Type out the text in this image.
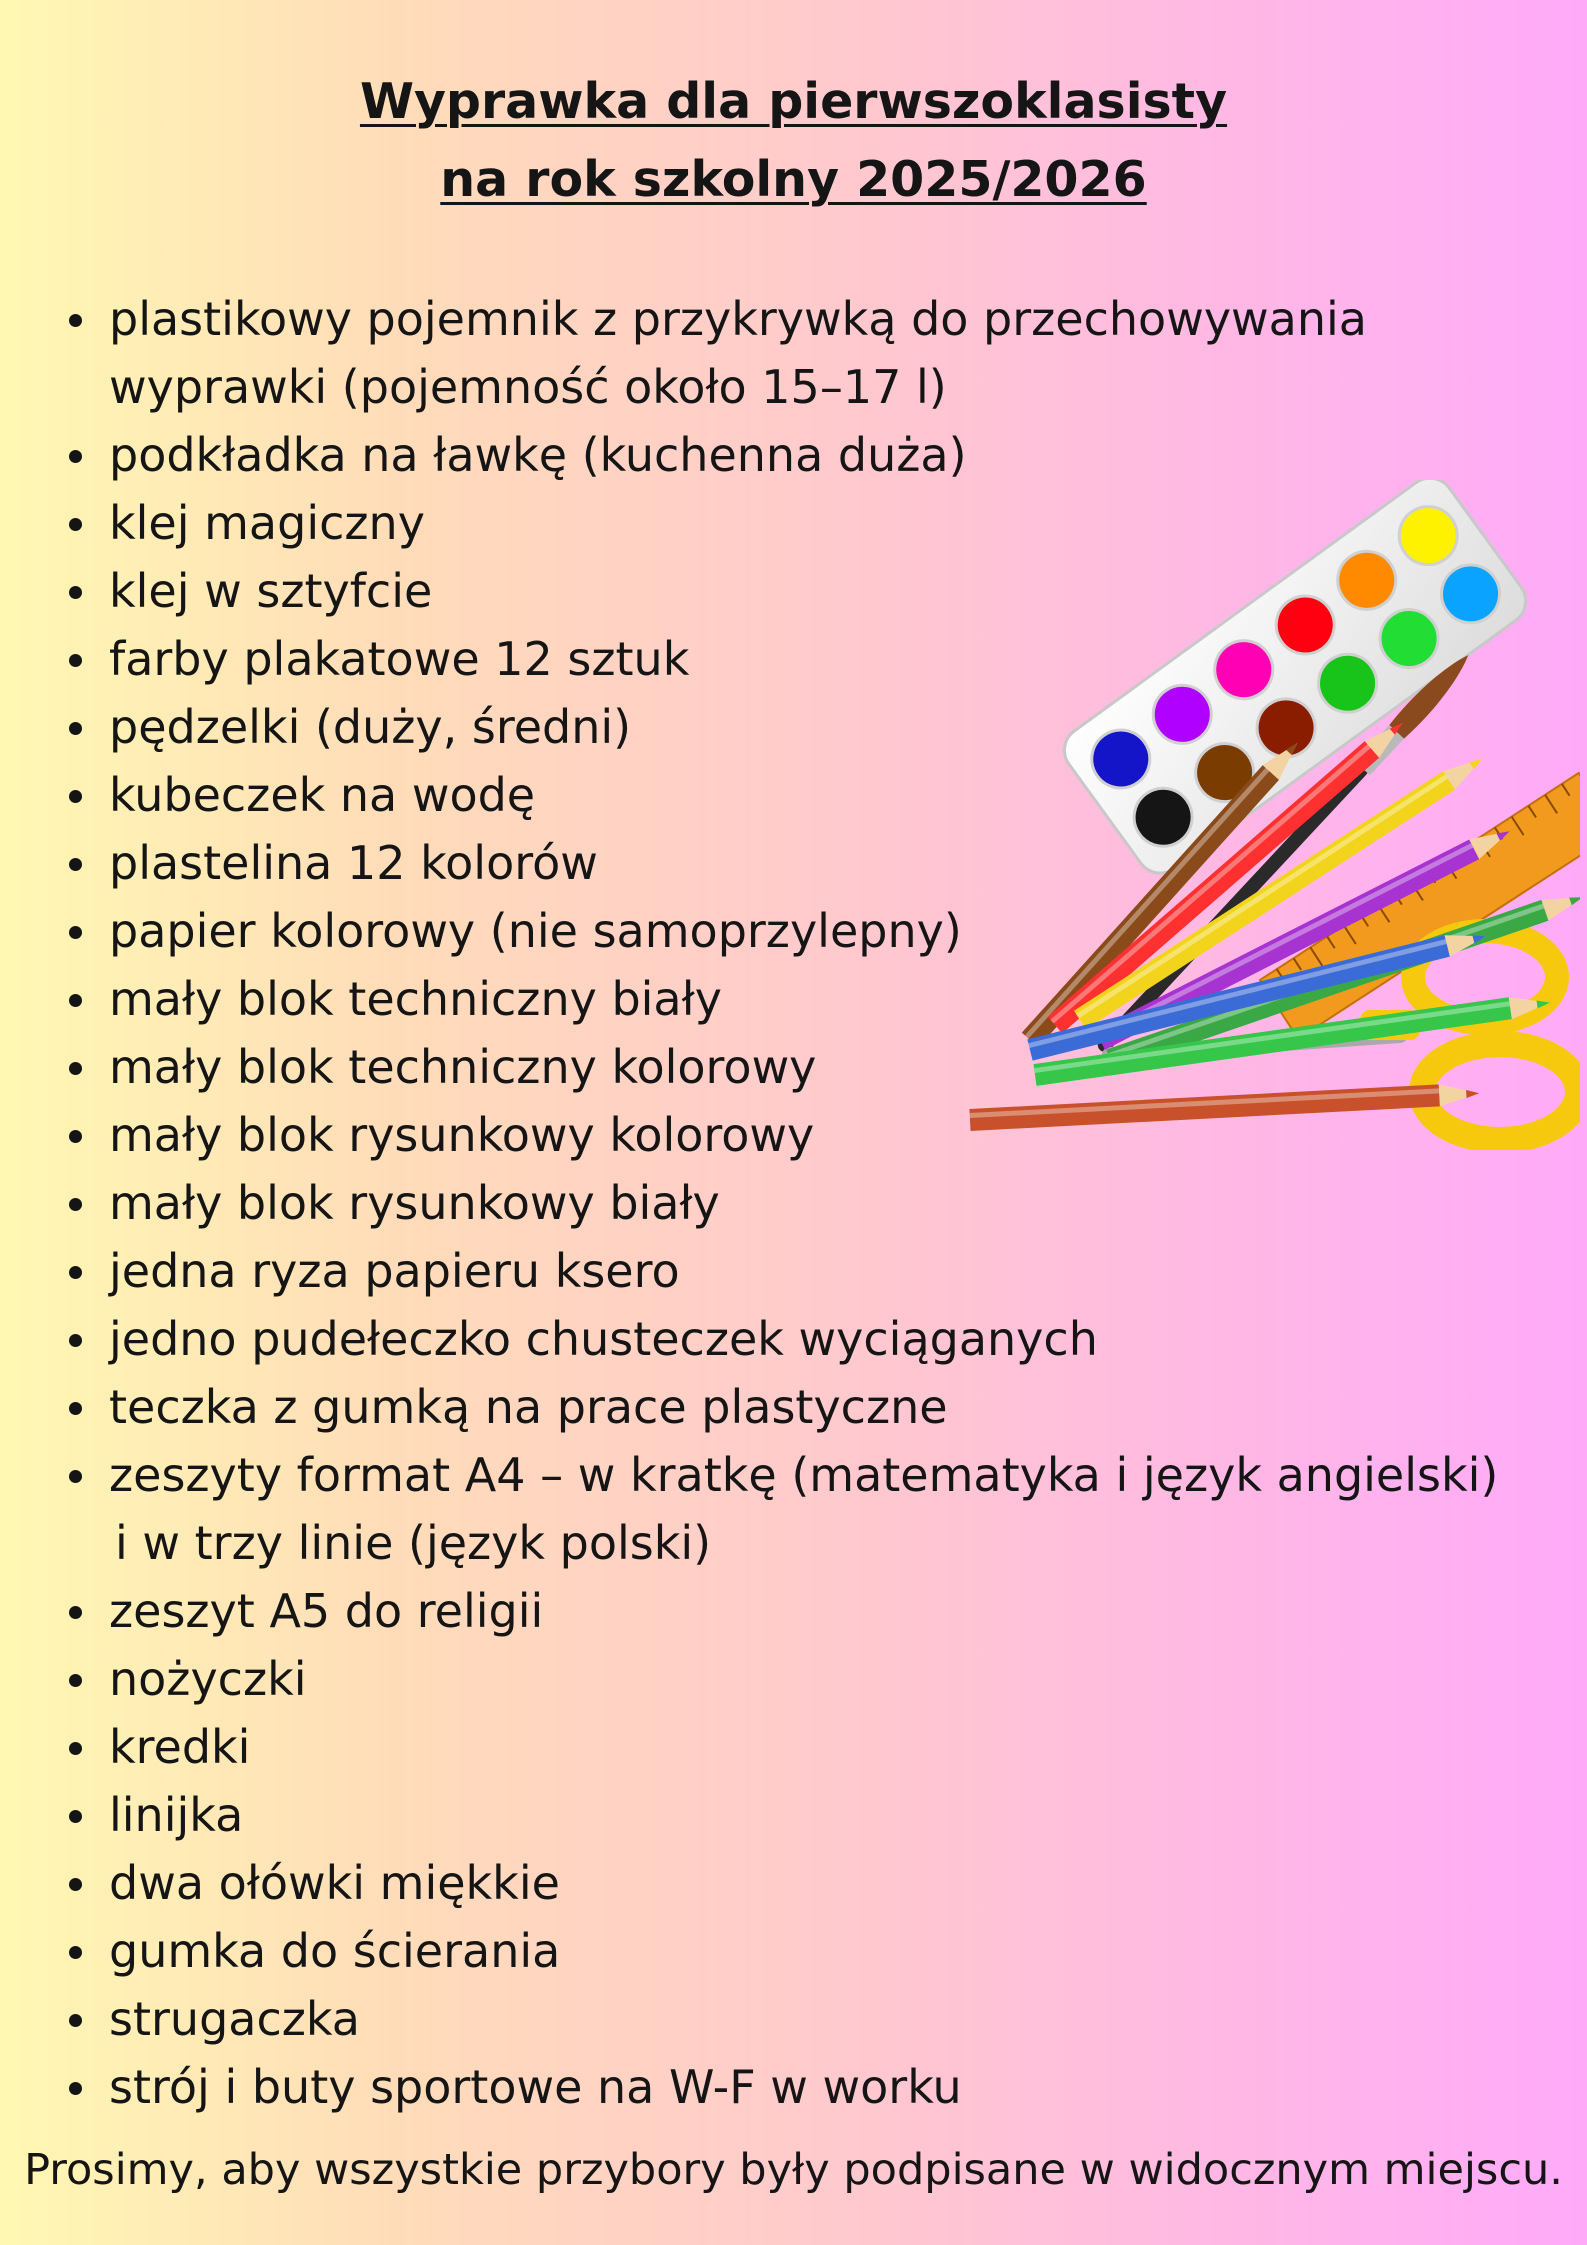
Wyprawka dla pierwszoklasisty
na rok szkolny 2025/2026
plastikowy pojemnik z przykrywką do przechowywania
wyprawki (pojemność około 15–17 l)
podkładka na ławkę (kuchenna duża)
klej magiczny
klej w sztyfcie
farby plakatowe 12 sztuk
pędzelki (duży, średni)
kubeczek na wodę
plastelina 12 kolorów
papier kolorowy (nie samoprzylepny)
mały blok techniczny biały
mały blok techniczny kolorowy
mały blok rysunkowy kolorowy
mały blok rysunkowy biały
jedna ryza papieru ksero
jedno pudełeczko chusteczek wyciąganych
teczka z gumką na prace plastyczne
zeszyty format A4 – w kratkę (matematyka i język angielski)
i w trzy linie (język polski)
zeszyt A5 do religii
nożyczki
kredki
linijka
dwa ołówki miękkie
gumka do ścierania
strugaczka
strój i buty sportowe na W-F w worku
Prosimy, aby wszystkie przybory były podpisane w widocznym miejscu.
